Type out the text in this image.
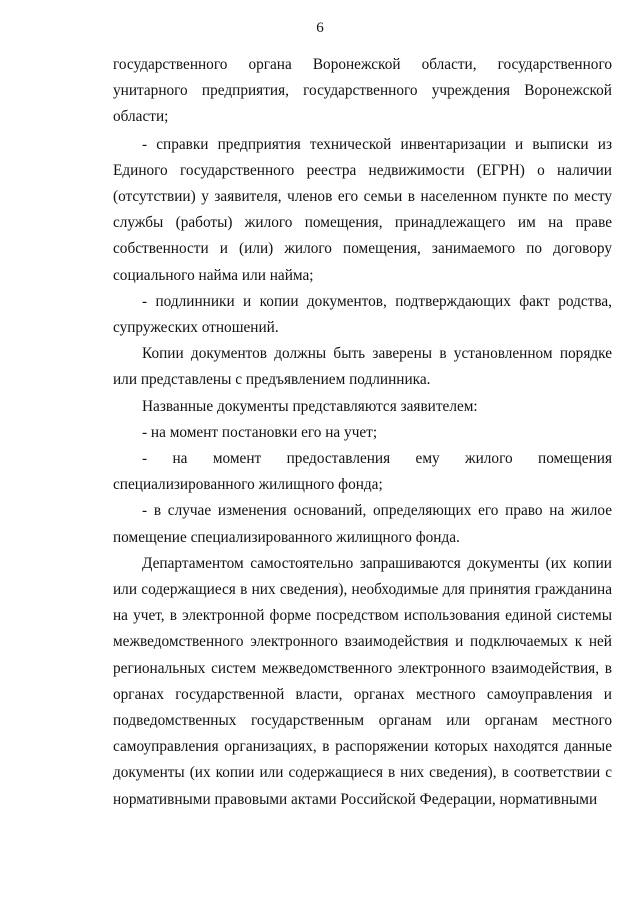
6

государственного органа Воронежской области, государственного унитарного предприятия, государственного учреждения Воронежской области;

- справки предприятия технической инвентаризации и выписки из Единого государственного реестра недвижимости (ЕГРН) о наличии (отсутствии) у заявителя, членов его семьи в населенном пункте по месту службы (работы) жилого помещения, принадлежащего им на праве собственности и (или) жилого помещения, занимаемого по договору социального найма или найма;

- подлинники и копии документов, подтверждающих факт родства, супружеских отношений.

Копии документов должны быть заверены в установленном порядке или представлены с предъявлением подлинника.

Названные документы представляются заявителем:

- на момент постановки его на учет;

- на момент предоставления ему жилого помещения специализированного жилищного фонда;

- в случае изменения оснований, определяющих его право на жилое помещение специализированного жилищного фонда.

Департаментом самостоятельно запрашиваются документы (их копии или содержащиеся в них сведения), необходимые для принятия гражданина на учет, в электронной форме посредством использования единой системы межведомственного электронного взаимодействия и подключаемых к ней региональных систем межведомственного электронного взаимодействия, в органах государственной власти, органах местного самоуправления и подведомственных государственным органам или органам местного самоуправления организациях, в распоряжении которых находятся данные документы (их копии или содержащиеся в них сведения), в соответствии с нормативными правовыми актами Российской Федерации, нормативными
